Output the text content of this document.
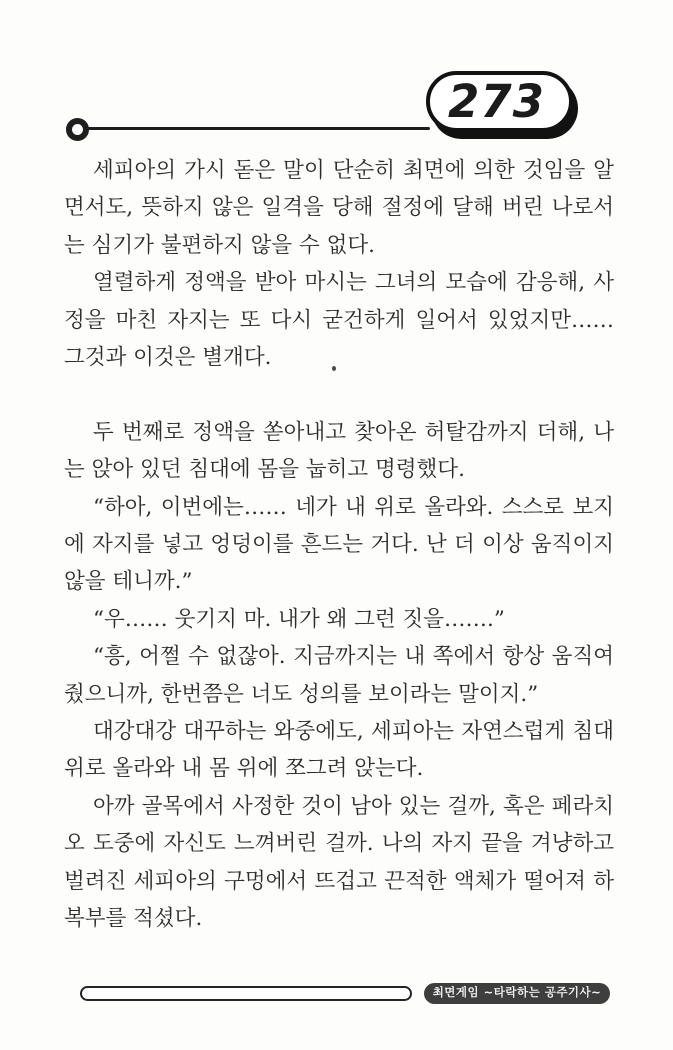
273

세피아의 가시 돋은 말이 단순히 최면에 의한 것임을 알면서도, 뜻하지 않은 일격을 당해 절정에 달해 버린 나로서는 심기가 불편하지 않을 수 없다.

열렬하게 정액을 받아 마시는 그녀의 모습에 감응해, 사정을 마친 자지는 또 다시 굳건하게 일어서 있었지만…… 그것과 이것은 별개다.

두 번째로 정액을 쏟아내고 찾아온 허탈감까지 더해, 나는 앉아 있던 침대에 몸을 눕히고 명령했다.

“하아, 이번에는…… 네가 내 위로 올라와. 스스로 보지에 자지를 넣고 엉덩이를 흔드는 거다. 난 더 이상 움직이지 않을 테니까.”

“우…… 웃기지 마. 내가 왜 그런 짓을…….”

“흥, 어쩔 수 없잖아. 지금까지는 내 쪽에서 항상 움직여 줬으니까, 한번쯤은 너도 성의를 보이라는 말이지.”

대강대강 대꾸하는 와중에도, 세피아는 자연스럽게 침대 위로 올라와 내 몸 위에 쪼그려 앉는다.

아까 골목에서 사정한 것이 남아 있는 걸까, 혹은 페라치오 도중에 자신도 느껴버린 걸까. 나의 자지 끝을 겨냥하고 벌려진 세피아의 구멍에서 뜨겁고 끈적한 액체가 떨어져 하복부를 적셨다.

최면게임 ~타락하는 공주기사~
